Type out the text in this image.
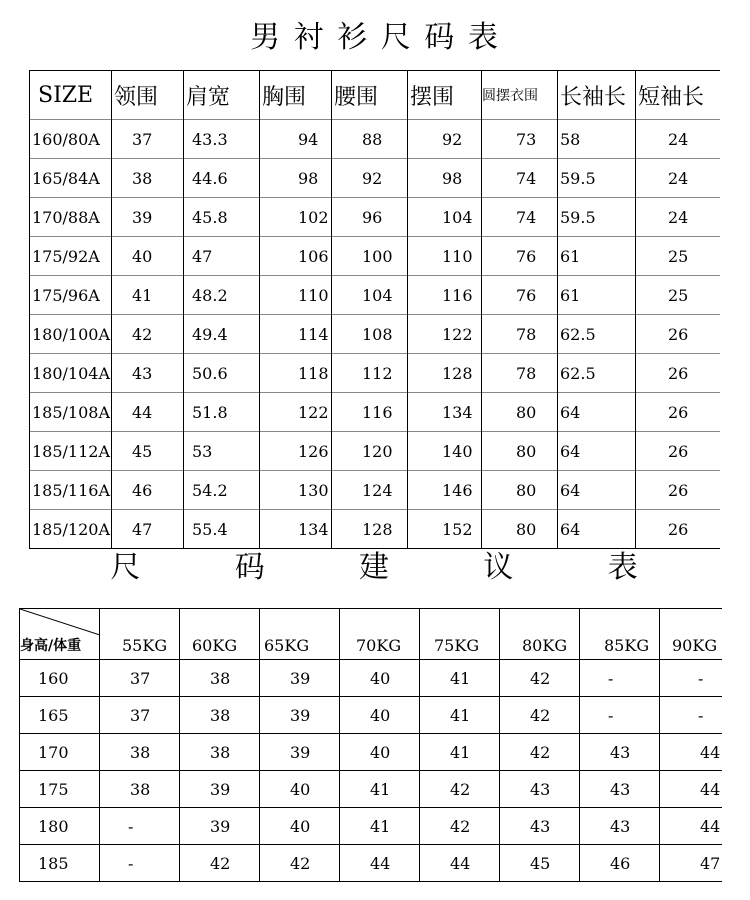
男 衬 衫 尺 码 表
SIZE	领围	肩宽	胸围	腰围	摆围	圆摆衣围	长袖长	短袖长
160/80A	37	43.3	94	88	92	73	58	24
165/84A	38	44.6	98	92	98	74	59.5	24
170/88A	39	45.8	102	96	104	74	59.5	24
175/92A	40	47	106	100	110	76	61	25
175/96A	41	48.2	110	104	116	76	61	25
180/100A	42	49.4	114	108	122	78	62.5	26
180/104A	43	50.6	118	112	128	78	62.5	26
185/108A	44	51.8	122	116	134	80	64	26
185/112A	45	53	126	120	140	80	64	26
185/116A	46	54.2	130	124	146	80	64	26
185/120A	47	55.4	134	128	152	80	64	26
尺        码        建        议        表
身高/体重	55KG	60KG	65KG	70KG	75KG	80KG	85KG	90KG
160	37	38	39	40	41	42	-	-
165	37	38	39	40	41	42	-	-
170	38	38	39	40	41	42	43	44
175	38	39	40	41	42	43	43	44
180	-	39	40	41	42	43	43	44
185	-	42	42	44	44	45	46	47
